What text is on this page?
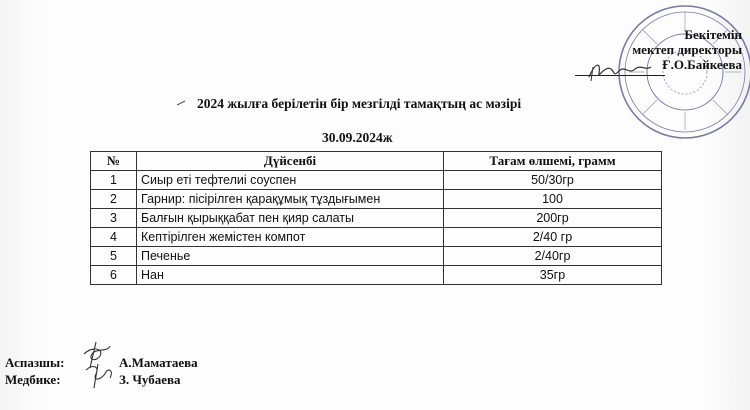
Бекітемін
мектеп директоры
Ғ.О.Байкеева
2024 жылға берілетін бір мезгілді тамақтың ас мәзірі
30.09.2024ж
№	Дүйсенбі	Тағам өлшемі, грамм
1	Сиыр еті тефтелиі соуспен	50/30гр
2	Гарнир: пісірілген қарақұмық тұздығымен	100
3	Балғын қырыққабат пен қияр салаты	200гр
4	Кептірілген жемістен компот	2/40 гр
5	Печенье	2/40гр
6	Нан	35гр
Аспазшы:	А.Маматаева
Медбике:	З. Чубаева
